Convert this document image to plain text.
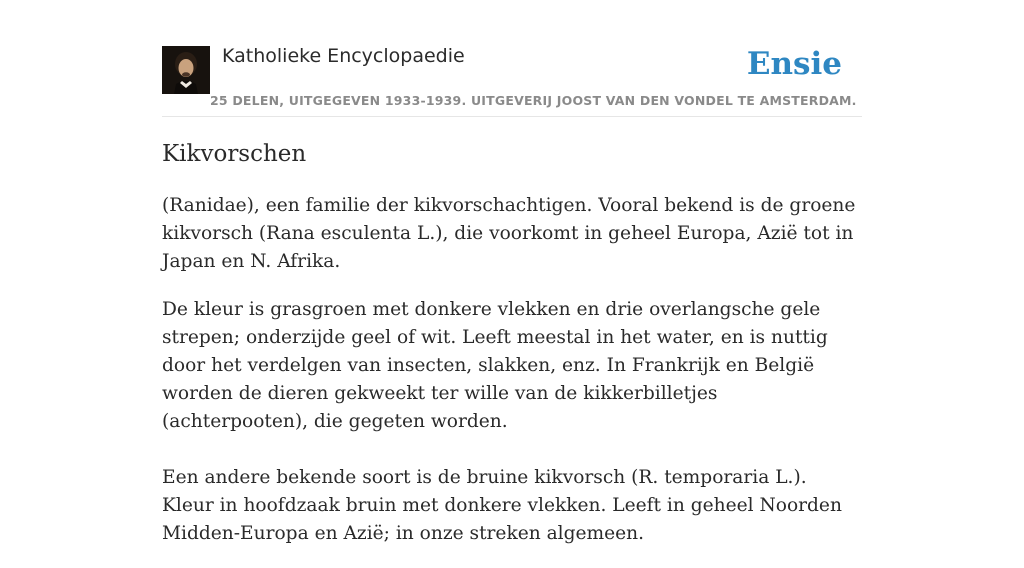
Katholieke Encyclopaedie
25 DELEN, UITGEGEVEN 1933-1939. UITGEVERIJ JOOST VAN DEN VONDEL TE AMSTERDAM.
Ensie
Kikvorschen

(Ranidae), een familie der kikvorschachtigen. Vooral bekend is de groene kikvorsch (Rana esculenta L.), die voorkomt in geheel Europa, Azië tot in Japan en N. Afrika.

De kleur is grasgroen met donkere vlekken en drie overlangsche gele strepen; onderzijde geel of wit. Leeft meestal in het water, en is nuttig door het verdelgen van insecten, slakken, enz. In Frankrijk en België worden de dieren gekweekt ter wille van de kikkerbilletjes (achterpooten), die gegeten worden.

Een andere bekende soort is de bruine kikvorsch (R. temporaria L.). Kleur in hoofdzaak bruin met donkere vlekken. Leeft in geheel Noorden Midden-Europa en Azië; in onze streken algemeen.
